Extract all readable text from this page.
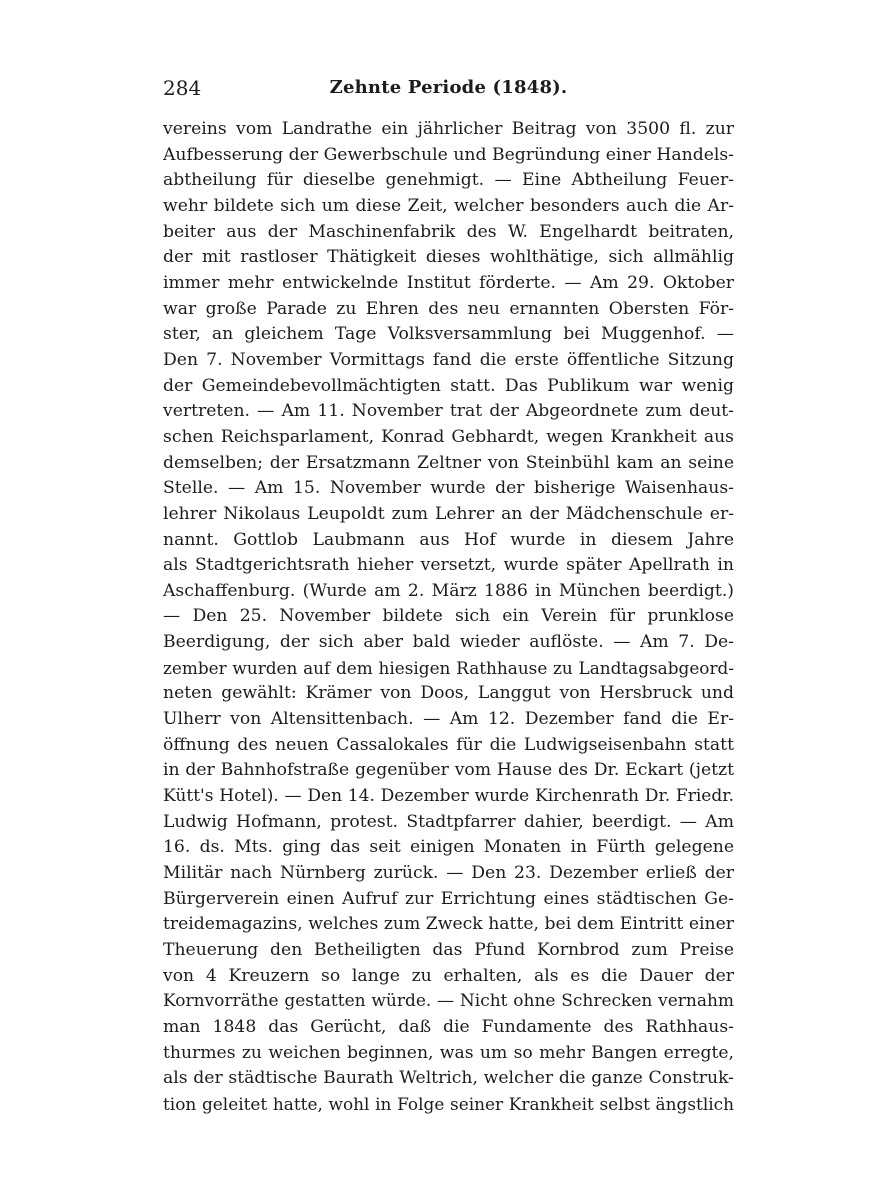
284	Zehnte Periode (1848).
vereins vom Landrathe ein jährlicher Beitrag von 3500 fl. zur
Aufbesserung der Gewerbschule und Begründung einer Handels-
abtheilung für dieselbe genehmigt. — Eine Abtheilung Feuer-
wehr bildete sich um diese Zeit, welcher besonders auch die Ar-
beiter aus der Maschinenfabrik des W. Engelhardt beitraten,
der mit rastloser Thätigkeit dieses wohlthätige, sich allmählig
immer mehr entwickelnde Institut förderte. — Am 29. Oktober
war große Parade zu Ehren des neu ernannten Obersten För-
ster, an gleichem Tage Volksversammlung bei Muggenhof. —
Den 7. November Vormittags fand die erste öffentliche Sitzung
der Gemeindebevollmächtigten statt. Das Publikum war wenig
vertreten. — Am 11. November trat der Abgeordnete zum deut-
schen Reichsparlament, Konrad Gebhardt, wegen Krankheit aus
demselben; der Ersatzmann Zeltner von Steinbühl kam an seine
Stelle. — Am 15. November wurde der bisherige Waisenhaus-
lehrer Nikolaus Leupoldt zum Lehrer an der Mädchenschule er-
nannt. Gottlob Laubmann aus Hof wurde in diesem Jahre
als Stadtgerichtsrath hieher versetzt, wurde später Apellrath in
Aschaffenburg. (Wurde am 2. März 1886 in München beerdigt.)
— Den 25. November bildete sich ein Verein für prunklose
Beerdigung, der sich aber bald wieder auflöste. — Am 7. De-
zember wurden auf dem hiesigen Rathhause zu Landtagsabgeord-
neten gewählt: Krämer von Doos, Langgut von Hersbruck und
Ulherr von Altensittenbach. — Am 12. Dezember fand die Er-
öffnung des neuen Cassalokales für die Ludwigseisenbahn statt
in der Bahnhofstraße gegenüber vom Hause des Dr. Eckart (jetzt
Kütt's Hotel). — Den 14. Dezember wurde Kirchenrath Dr. Friedr.
Ludwig Hofmann, protest. Stadtpfarrer dahier, beerdigt. — Am
16. ds. Mts. ging das seit einigen Monaten in Fürth gelegene
Militär nach Nürnberg zurück. — Den 23. Dezember erließ der
Bürgerverein einen Aufruf zur Errichtung eines städtischen Ge-
treidemagazins, welches zum Zweck hatte, bei dem Eintritt einer
Theuerung den Betheiligten das Pfund Kornbrod zum Preise
von 4 Kreuzern so lange zu erhalten, als es die Dauer der
Kornvorräthe gestatten würde. — Nicht ohne Schrecken vernahm
man 1848 das Gerücht, daß die Fundamente des Rathhaus-
thurmes zu weichen beginnen, was um so mehr Bangen erregte,
als der städtische Baurath Weltrich, welcher die ganze Construk-
tion geleitet hatte, wohl in Folge seiner Krankheit selbst ängstlich
